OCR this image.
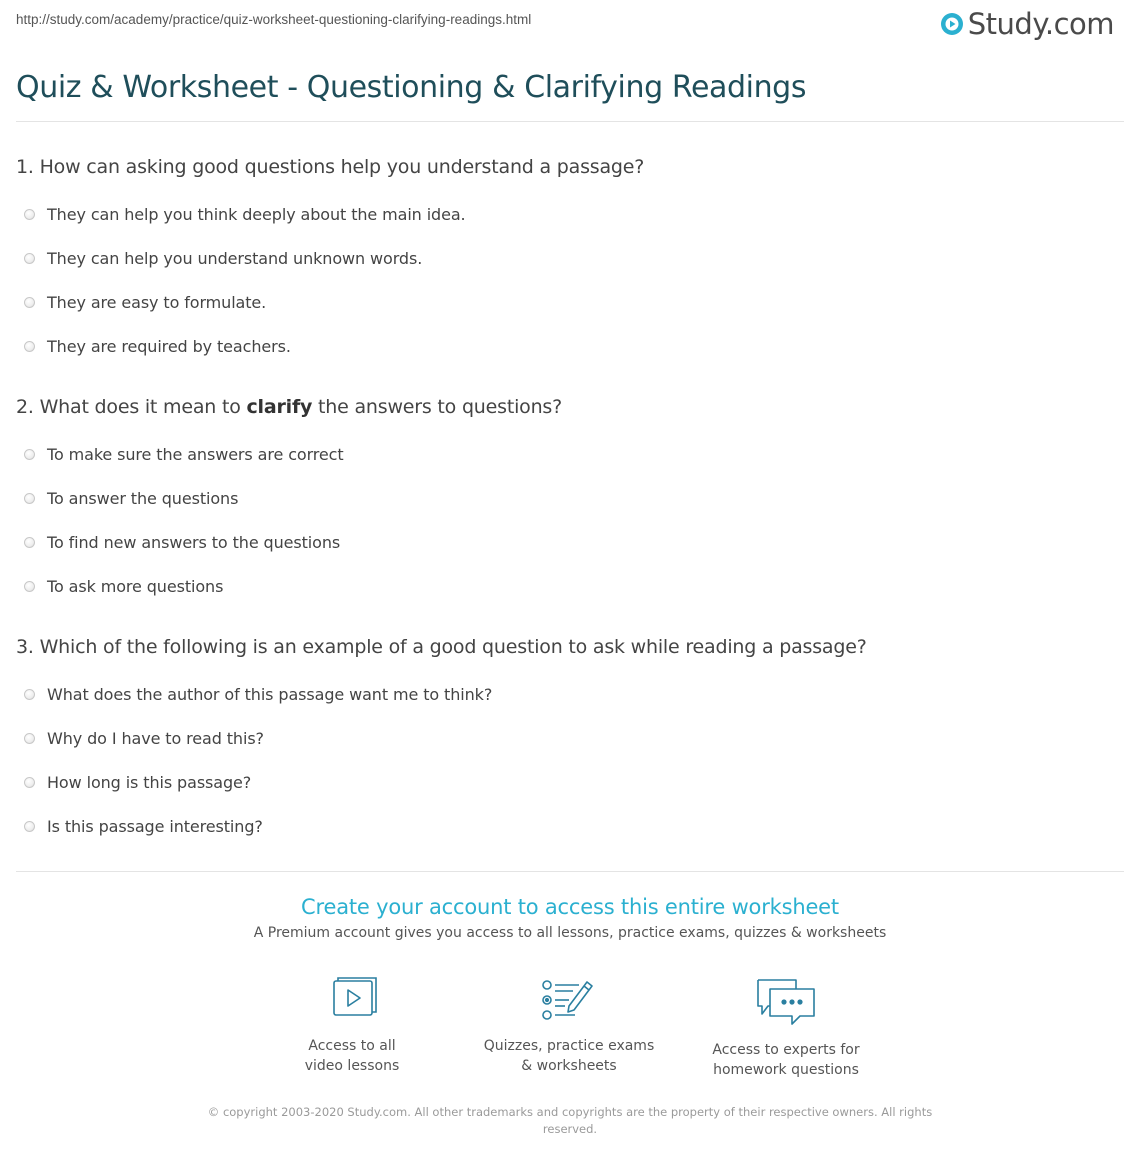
http://study.com/academy/practice/quiz-worksheet-questioning-clarifying-readings.html	Study.com
Quiz & Worksheet - Questioning & Clarifying Readings
1. How can asking good questions help you understand a passage?
They can help you think deeply about the main idea.
They can help you understand unknown words.
They are easy to formulate.
They are required by teachers.
2. What does it mean to clarify the answers to questions?
To make sure the answers are correct
To answer the questions
To find new answers to the questions
To ask more questions
3. Which of the following is an example of a good question to ask while reading a passage?
What does the author of this passage want me to think?
Why do I have to read this?
How long is this passage?
Is this passage interesting?
Create your account to access this entire worksheet
A Premium account gives you access to all lessons, practice exams, quizzes & worksheets
Access to all
video lessons
Quizzes, practice exams
& worksheets
Access to experts for
homework questions
© copyright 2003-2020 Study.com. All other trademarks and copyrights are the property of their respective owners. All rights
reserved.
